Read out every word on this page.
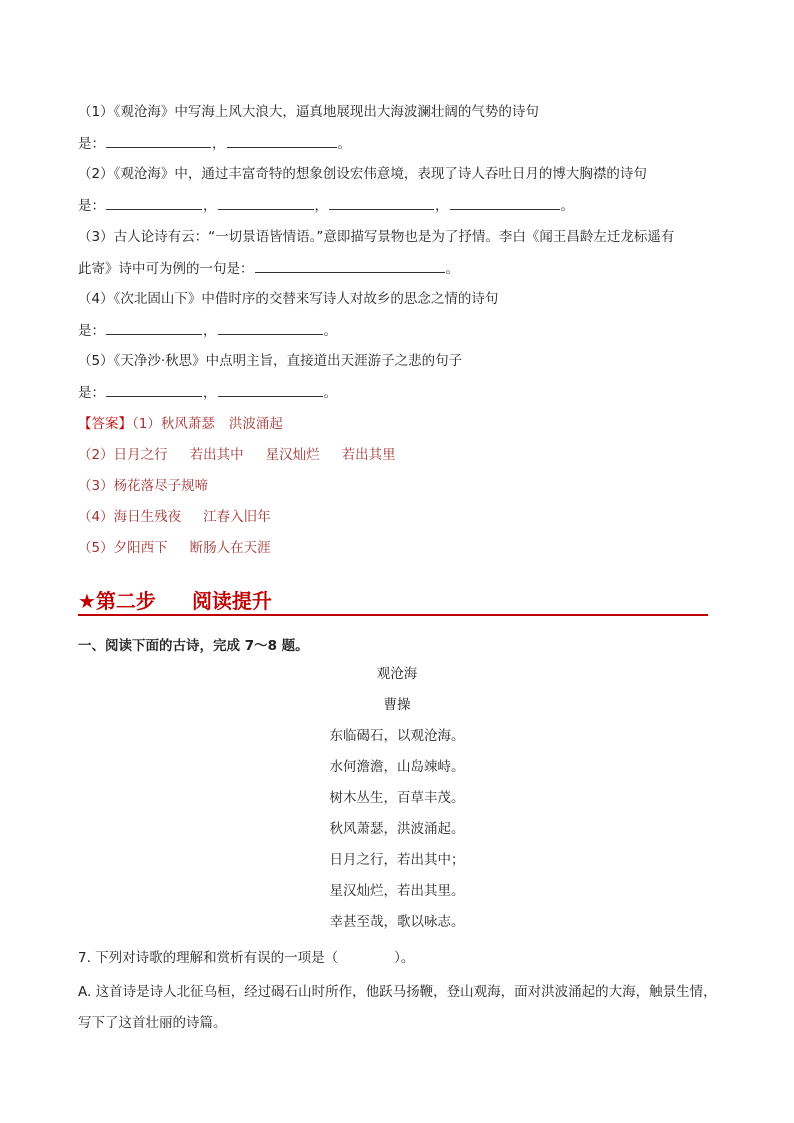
（1）《观沧海》中写海上风大浪大，逼真地展现出大海波澜壮阔的气势的诗句
是：	，	。
（2）《观沧海》中，通过丰富奇特的想象创设宏伟意境，表现了诗人吞吐日月的博大胸襟的诗句
是：	，	，	，	。
（3）古人论诗有云：“一切景语皆情语。”意即描写景物也是为了抒情。李白《闻王昌龄左迁龙标遥有
此寄》诗中可为例的一句是：	。
（4）《次北固山下》中借时序的交替来写诗人对故乡的思念之情的诗句
是：	，	。
（5）《天净沙·秋思》中点明主旨，直接道出天涯游子之悲的句子
是：	，	。
【答案】（1）秋风萧瑟 洪波涌起
（2）日月之行 若出其中 星汉灿烂 若出其里
（3）杨花落尽子规啼
（4）海日生残夜 江春入旧年
（5）夕阳西下 断肠人在天涯
★第二步 阅读提升
一、阅读下面的古诗，完成 7～8 题。
观沧海
曹操
东临碣石，以观沧海。
水何澹澹，山岛竦峙。
树木丛生，百草丰茂。
秋风萧瑟，洪波涌起。
日月之行，若出其中；
星汉灿烂，若出其里。
幸甚至哉，歌以咏志。
7. 下列对诗歌的理解和赏析有误的一项是（	）。
A. 这首诗是诗人北征乌桓，经过碣石山时所作，他跃马扬鞭，登山观海，面对洪波涌起的大海，触景生情，写下了这首壮丽的诗篇。
